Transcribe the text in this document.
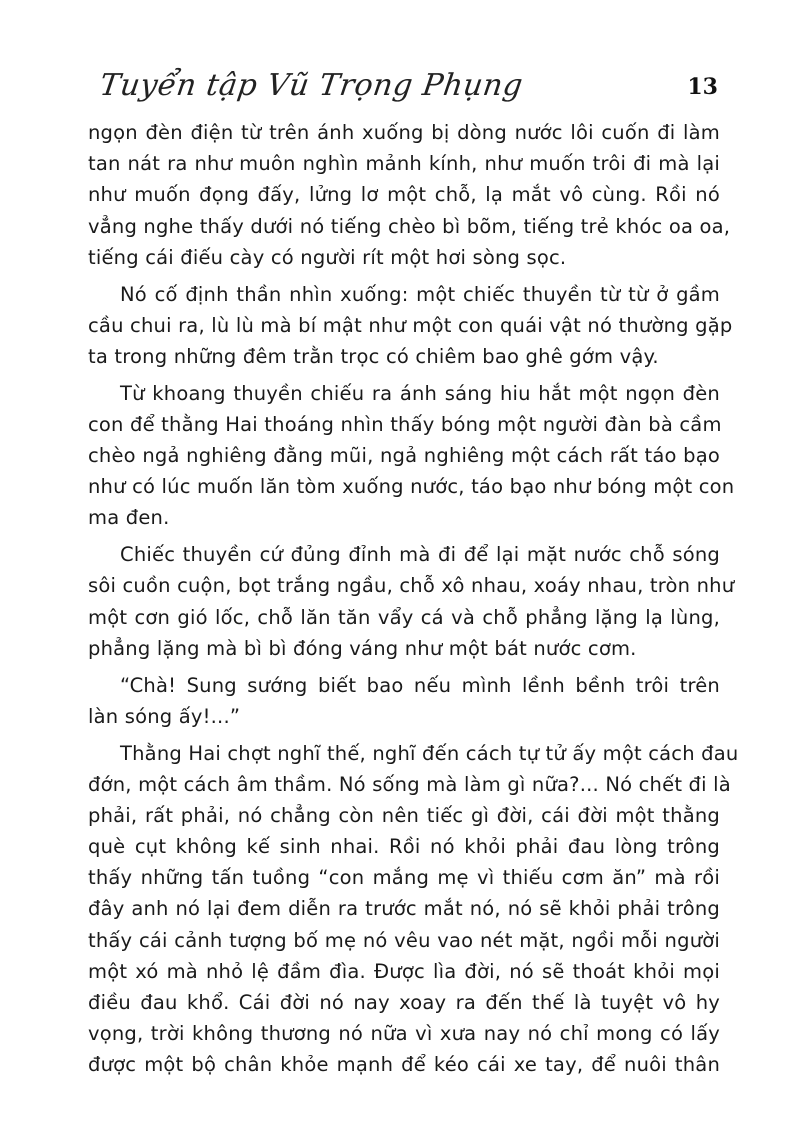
Tuyển tập Vũ Trọng Phụng	13
ngọn đèn điện từ trên ánh xuống bị dòng nước lôi cuốn đi làm
tan nát ra như muôn nghìn mảnh kính, như muốn trôi đi mà lại
như muốn đọng đấy, lửng lơ một chỗ, lạ mắt vô cùng. Rồi nó
vẳng nghe thấy dưới nó tiếng chèo bì bõm, tiếng trẻ khóc oa oa,
tiếng cái điếu cày có người rít một hơi sòng sọc.
Nó cố định thần nhìn xuống: một chiếc thuyền từ từ ở gầm
cầu chui ra, lù lù mà bí mật như một con quái vật nó thường gặp
ta trong những đêm trằn trọc có chiêm bao ghê gớm vậy.
Từ khoang thuyền chiếu ra ánh sáng hiu hắt một ngọn đèn
con để thằng Hai thoáng nhìn thấy bóng một người đàn bà cầm
chèo ngả nghiêng đằng mũi, ngả nghiêng một cách rất táo bạo
như có lúc muốn lăn tòm xuống nước, táo bạo như bóng một con
ma đen.
Chiếc thuyền cứ đủng đỉnh mà đi để lại mặt nước chỗ sóng
sôi cuồn cuộn, bọt trắng ngầu, chỗ xô nhau, xoáy nhau, tròn như
một cơn gió lốc, chỗ lăn tăn vẩy cá và chỗ phẳng lặng lạ lùng,
phẳng lặng mà bì bì đóng váng như một bát nước cơm.
“Chà! Sung sướng biết bao nếu mình lềnh bềnh trôi trên
làn sóng ấy!...”
Thằng Hai chợt nghĩ thế, nghĩ đến cách tự tử ấy một cách đau
đớn, một cách âm thầm. Nó sống mà làm gì nữa?... Nó chết đi là
phải, rất phải, nó chẳng còn nên tiếc gì đời, cái đời một thằng
què cụt không kế sinh nhai. Rồi nó khỏi phải đau lòng trông
thấy những tấn tuồng “con mắng mẹ vì thiếu cơm ăn” mà rồi
đây anh nó lại đem diễn ra trước mắt nó, nó sẽ khỏi phải trông
thấy cái cảnh tượng bố mẹ nó vêu vao nét mặt, ngồi mỗi người
một xó mà nhỏ lệ đầm đìa. Được lìa đời, nó sẽ thoát khỏi mọi
điều đau khổ. Cái đời nó nay xoay ra đến thế là tuyệt vô hy
vọng, trời không thương nó nữa vì xưa nay nó chỉ mong có lấy
được một bộ chân khỏe mạnh để kéo cái xe tay, để nuôi thân
